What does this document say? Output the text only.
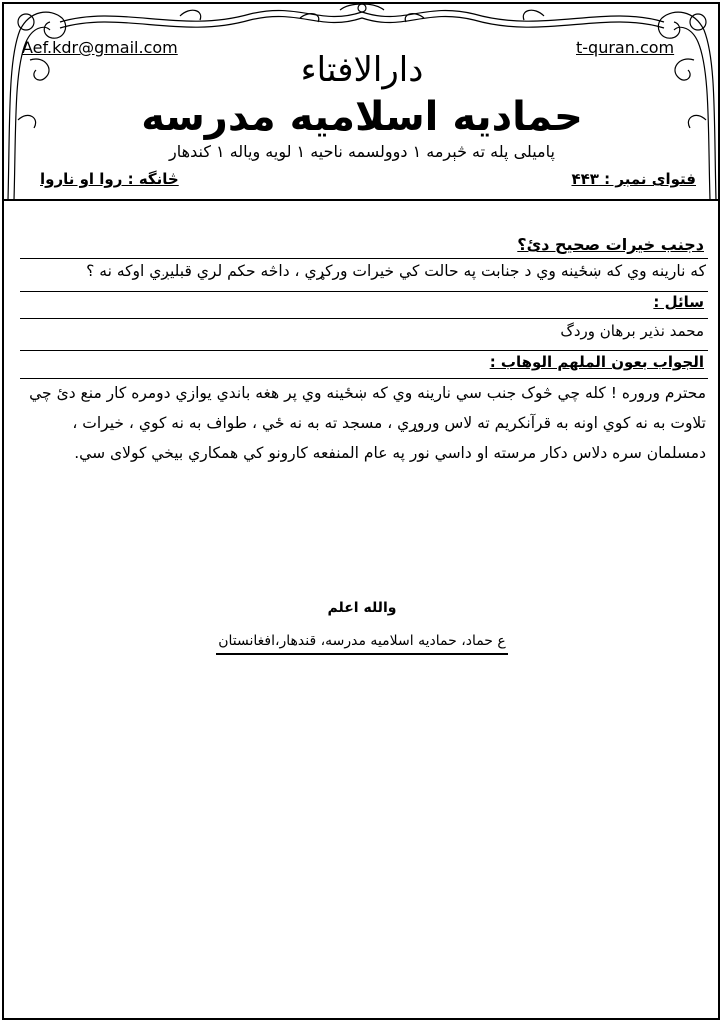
Aef.kdr@gmail.com	t-quran.com
دارالافتاء
حمادیه اسلامیه مدرسه
پاميلى پله ته څېرمه ۱ دوولسمه ناحیه ۱ لویه ویاله ۱ کندهار
فتوای نمبر : ۴۴۳
څانگه : روا او ناروا
دجنب خیرات صحیح دئ؟
که نارینه وي که ښځینه وي د جنابت په حالت کي خیرات ورکړي ، داڅه حکم لري قبلیږي اوکه نه ؟
سائل :
محمد نذیر برهان وردگ
الجواب بعون الملهم الوهاب :
محترم وروره ! کله چي څوک جنب سي نارینه وي که ښځینه وي پر هغه باندي یوازي دومره کار منع دئ چي تلاوت به نه کوي اونه به قرآنکریم ته لاس وروړي ، مسجد ته به نه ځي ، طواف به نه کوي ، خیرات ، دمسلمان سره دلاس دکار مرسته او داسي نور په عام المنفعه کارونو کي همکاري بیخي کولای سي.
والله اعلم
ع حماد، حمادیه اسلامیه مدرسه، قندهار،افغانستان
